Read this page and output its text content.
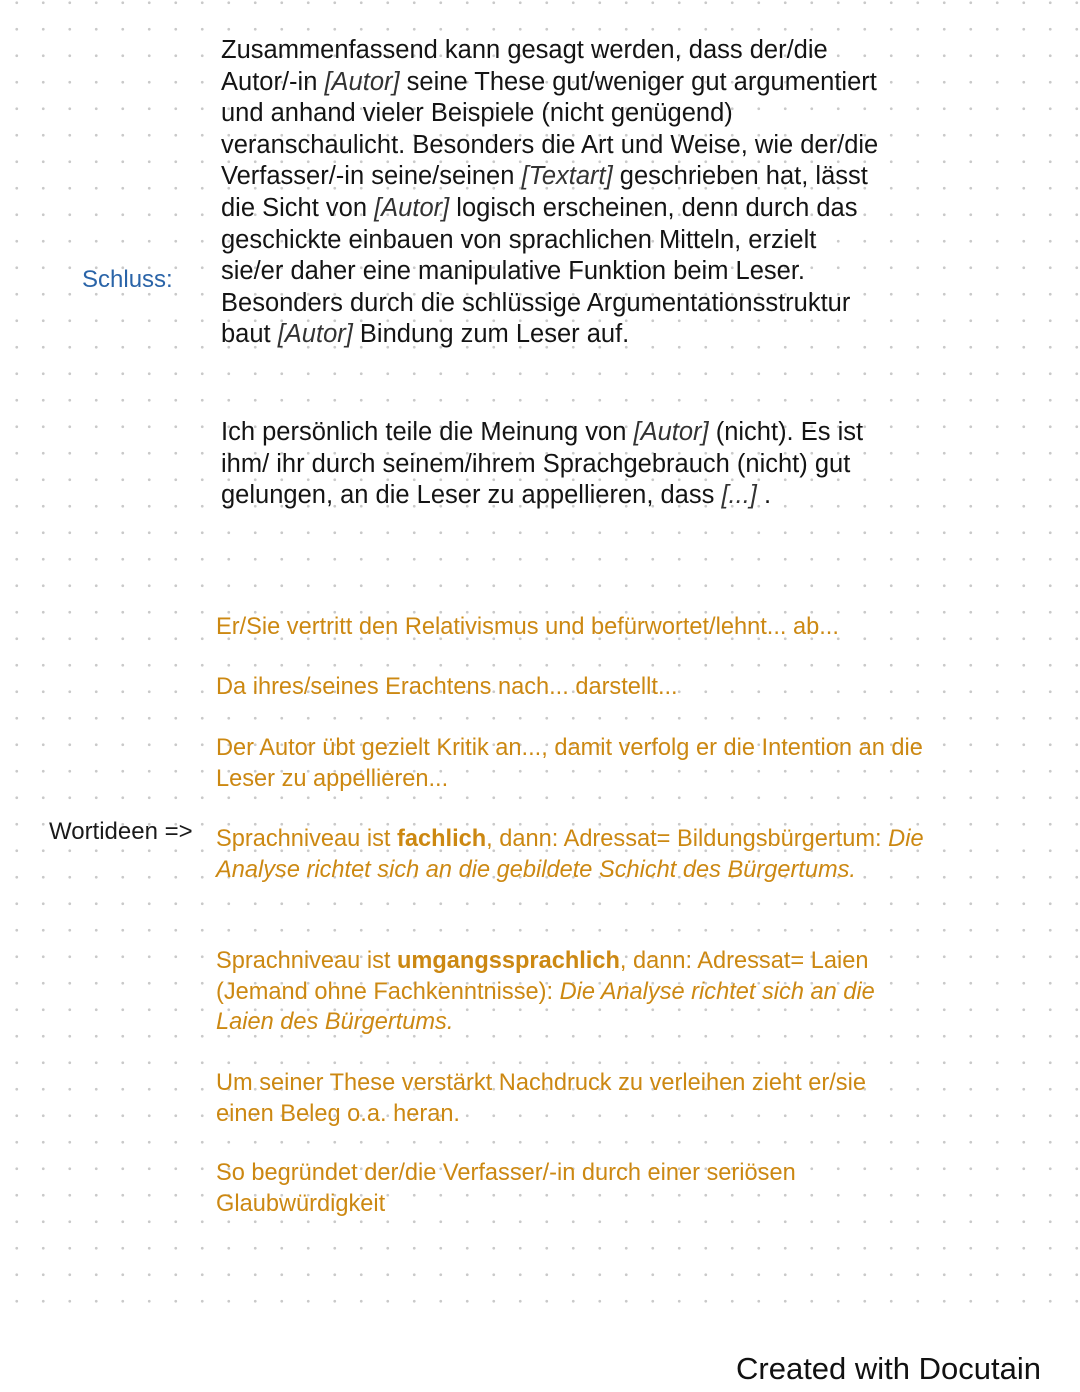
Schluss:

Zusammenfassend kann gesagt werden, dass der/die Autor/-in [Autor] seine These gut/weniger gut argumentiert und anhand vieler Beispiele (nicht genügend) veranschaulicht. Besonders die Art und Weise, wie der/die Verfasser/-in seine/seinen [Textart] geschrieben hat, lässt die Sicht von [Autor] logisch erscheinen, denn durch das geschickte einbauen von sprachlichen Mitteln, erzielt sie/er daher eine manipulative Funktion beim Leser. Besonders durch die schlüssige Argumentationsstruktur baut [Autor] Bindung zum Leser auf.

Ich persönlich teile die Meinung von [Autor] (nicht). Es ist ihm/ ihr durch seinem/ihrem Sprachgebrauch (nicht) gut gelungen, an die Leser zu appellieren, dass [...] .

Er/Sie vertritt den Relativismus und befürwortet/lehnt... ab...
Da ihres/seines Erachtens nach... darstellt...
Der Autor übt gezielt Kritik an..., damit verfolg er die Intention an die Leser zu appellieren...
Wortideen => Sprachniveau ist fachlich, dann: Adressat= Bildungsbürgertum: Die Analyse richtet sich an die gebildete Schicht des Bürgertums.
Sprachniveau ist umgangssprachlich, dann: Adressat= Laien (Jemand ohne Fachkenntnisse): Die Analyse richtet sich an die Laien des Bürgertums.
Um seiner These verstärkt Nachdruck zu verleihen zieht er/sie einen Beleg o.a. heran.
So begründet der/die Verfasser/-in durch einer seriösen Glaubwürdigkeit
Created with Docutain
